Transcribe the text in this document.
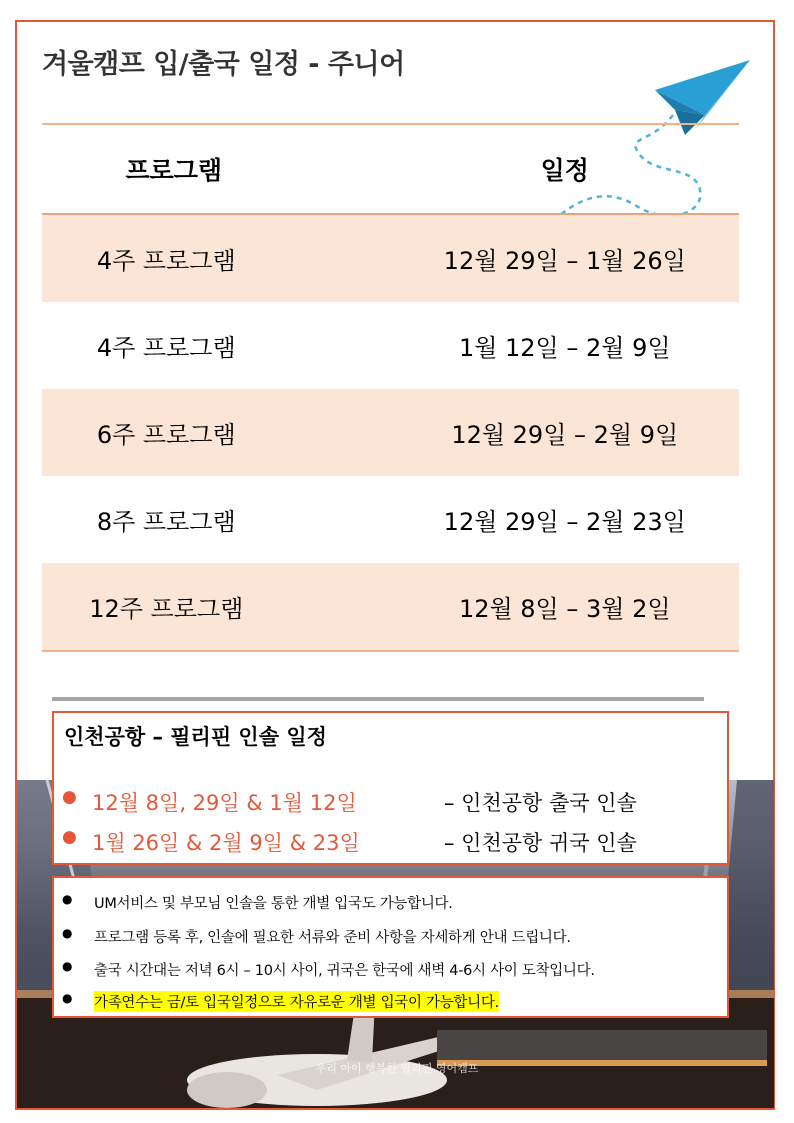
겨울캠프 입/출국 일정 - 주니어
프로그램	일정
4주 프로그램	12월 29일 – 1월 26일
4주 프로그램	1월 12일 – 2월 9일
6주 프로그램	12월 29일 – 2월 9일
8주 프로그램	12월 29일 – 2월 23일
12주 프로그램	12월 8일 – 3월 2일
인천공항 – 필리핀 인솔 일정
● 12월 8일, 29일 & 1월 12일	– 인천공항 출국 인솔
● 1월 26일 & 2월 9일 & 23일	– 인천공항 귀국 인솔
●	UM서비스 및 부모님 인솔을 통한 개별 입국도 가능합니다.
●	프로그램 등록 후, 인솔에 필요한 서류와 준비 사항을 자세하게 안내 드립니다.
●	출국 시간대는 저녁 6시 – 10시 사이, 귀국은 한국에 새벽 4-6시 사이 도착입니다.
●	가족연수는 금/토 입국일정으로 자유로운 개별 입국이 가능합니다.
우리 아이 행복한 필리핀 영어캠프
